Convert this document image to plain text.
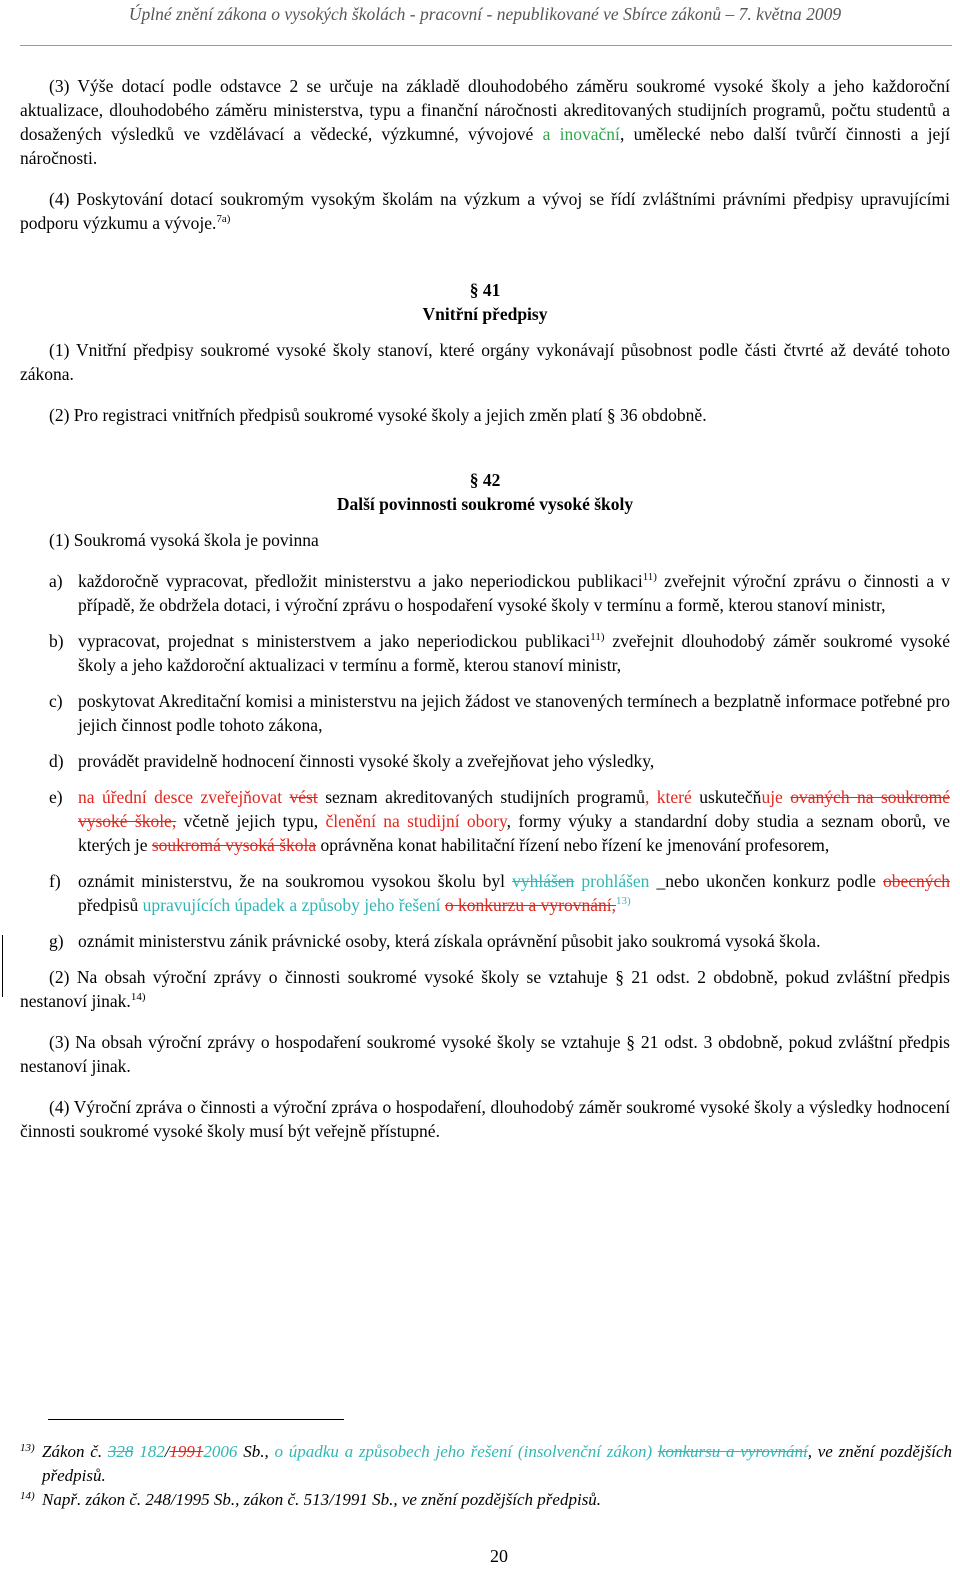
Úplné znění zákona o vysokých školách - pracovní - nepublikované ve Sbírce zákonů – 7. května 2009

(3) Výše dotací podle odstavce 2 se určuje na základě dlouhodobého záměru soukromé vysoké školy a jeho každoroční aktualizace, dlouhodobého záměru ministerstva, typu a finanční náročnosti akreditovaných studijních programů, počtu studentů a dosažených výsledků ve vzdělávací a vědecké, výzkumné, vývojové a inovační, umělecké nebo další tvůrčí činnosti a její náročnosti.

(4) Poskytování dotací soukromým vysokým školám na výzkum a vývoj se řídí zvláštními právními předpisy upravujícími podporu výzkumu a vývoje.$^{7a)}$

§ 41

Vnitřní předpisy

(1) Vnitřní předpisy soukromé vysoké školy stanoví, které orgány vykonávají působnost podle části čtvrté až deváté tohoto zákona.

(2) Pro registraci vnitřních předpisů soukromé vysoké školy a jejich změn platí § 36 obdobně.

§ 42

Další povinnosti soukromé vysoké školy

(1) Soukromá vysoká škola je povinna

a) každoročně vypracovat, předložit ministerstvu a jako neperiodickou publikaci$^{11)}$ zveřejnit výroční zprávu o činnosti a v případě, že obdržela dotaci, i výroční zprávu o hospodaření vysoké školy v termínu a formě, kterou stanoví ministr,
b) vypracovat, projednat s ministerstvem a jako neperiodickou publikaci$^{11)}$ zveřejnit dlouhodobý záměr soukromé vysoké školy a jeho každoroční aktualizaci v termínu a formě, kterou stanoví ministr,
c) poskytovat Akreditační komisi a ministerstvu na jejich žádost ve stanovených termínech a bezplatně informace potřebné pro jejich činnost podle tohoto zákona,
d) provádět pravidelně hodnocení činnosti vysoké školy a zveřejňovat jeho výsledky,
e) na úřední desce zveřejňovat vést seznam akreditovaných studijních programů, které uskutečňuje ovaných na soukromé vysoké škole, včetně jejich typu, členění na studijní obory, formy výuky a standardní doby studia a seznam oborů, ve kterých je soukromá vysoká škola oprávněna konat habilitační řízení nebo řízení ke jmenování profesorem,
f) oznámit ministerstvu, že na soukromou vysokou školu byl vyhlášen prohlášen _nebo ukončen konkurz podle obecných předpisů upravujících úpadek a způsoby jeho řešení o konkurzu a vyrovnání,$^{13)}$
g) oznámit ministerstvu zánik právnické osoby, která získala oprávnění působit jako soukromá vysoká škola.

(2) Na obsah výroční zprávy o činnosti soukromé vysoké školy se vztahuje § 21 odst. 2 obdobně, pokud zvláštní předpis nestanoví jinak.$^{14)}$

(3) Na obsah výroční zprávy o hospodaření soukromé vysoké školy se vztahuje § 21 odst. 3 obdobně, pokud zvláštní předpis nestanoví jinak.

(4) Výroční zpráva o činnosti a výroční zpráva o hospodaření, dlouhodobý záměr soukromé vysoké školy a výsledky hodnocení činnosti soukromé vysoké školy musí být veřejně přístupné.

13) Zákon č. 328 182/19912006 Sb., o úpadku a způsobech jeho řešení (insolvenční zákon) konkursu a vyrovnání, ve znění pozdějších předpisů.

14) Např. zákon č. 248/1995 Sb., zákon č. 513/1991 Sb., ve znění pozdějších předpisů.

20
